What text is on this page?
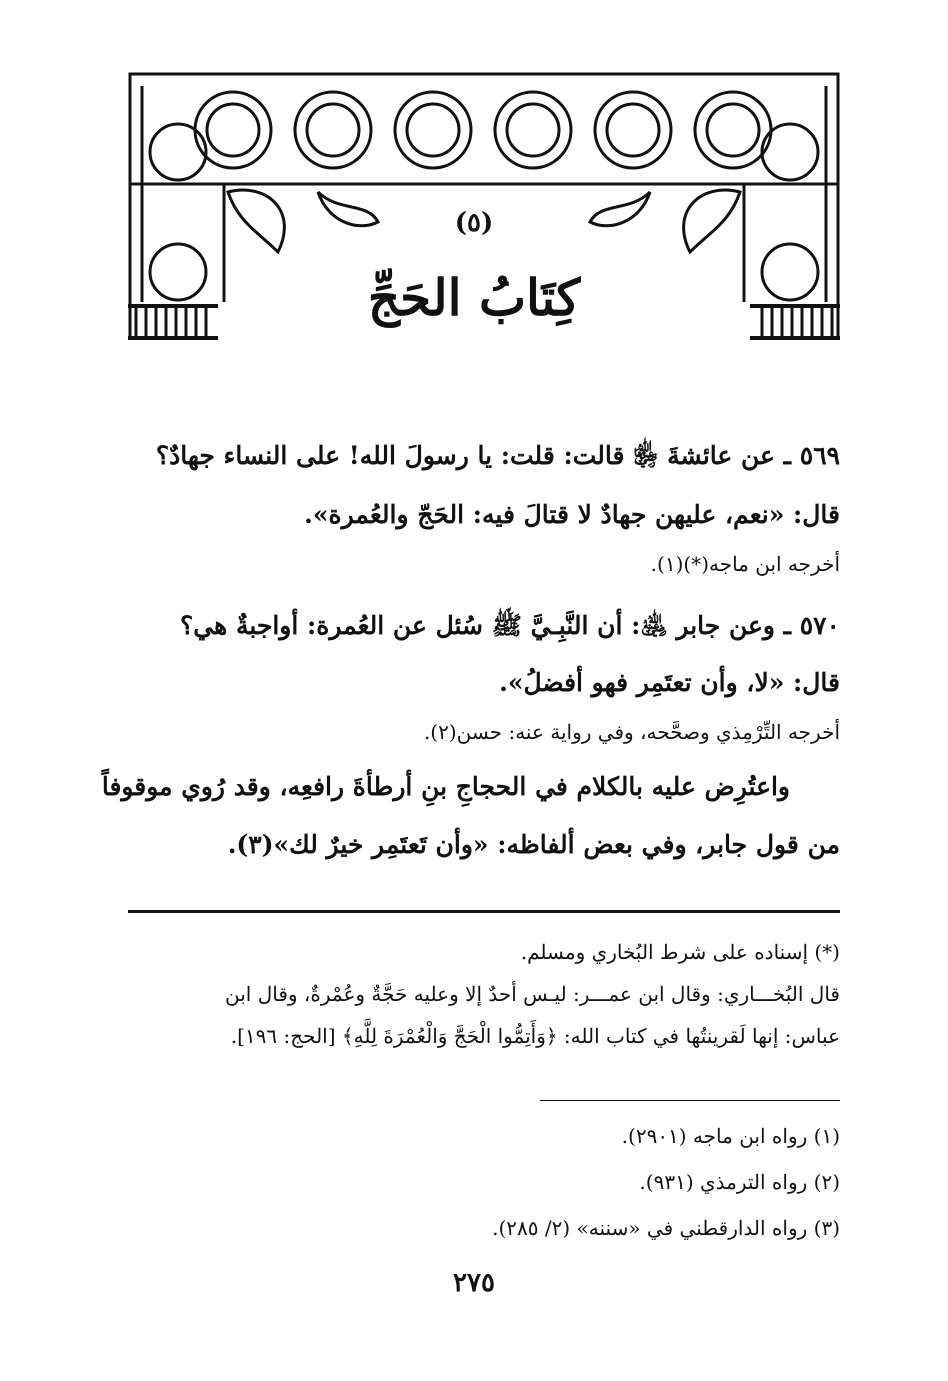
(٥)
كِتَابُ الحَجِّ
٥٦٩ ـ عن عائشةَ ﵂ قالت: قلت: يا رسولَ الله! على النساء جهادٌ؟
قال: «نعم، عليهن جهادٌ لا قتالَ فيه: الحَجّ والعُمرة».
أخرجه ابن ماجه(*)(١).
٥٧٠ ـ وعن جابر ﵁: أن النَّبِـيَّ ﷺ سُئل عن العُمرة: أواجبةٌ هي؟
قال: «لا، وأن تعتَمِر فهو أفضلُ».
أخرجه التِّرْمِذي وصحَّحه، وفي رواية عنه: حسن(٢).
واعتُرِض عليه بالكلام في الحجاجِ بنِ أرطأةَ رافعِه، وقد رُوي موقوفاً
من قول جابر، وفي بعض ألفاظه: «وأن تَعتَمِر خيرٌ لك»(٣).
(*) إسناده على شرط البُخاري ومسلم.
قال البُخـــاري: وقال ابن عمـــر: ليـس أحدٌ إلا وعليه حَجَّةٌ وعُمْرةٌ، وقال ابن
عباس: إنها لَقرينتُها في كتاب الله: ﴿وَأَتِمُّوا الْحَجَّ وَالْعُمْرَةَ لِلَّهِ﴾ [الحج: ١٩٦].
(١) رواه ابن ماجه (٢٩٠١).
(٢) رواه الترمذي (٩٣١).
(٣) رواه الدارقطني في «سننه» (٢/ ٢٨٥).
٢٧٥
